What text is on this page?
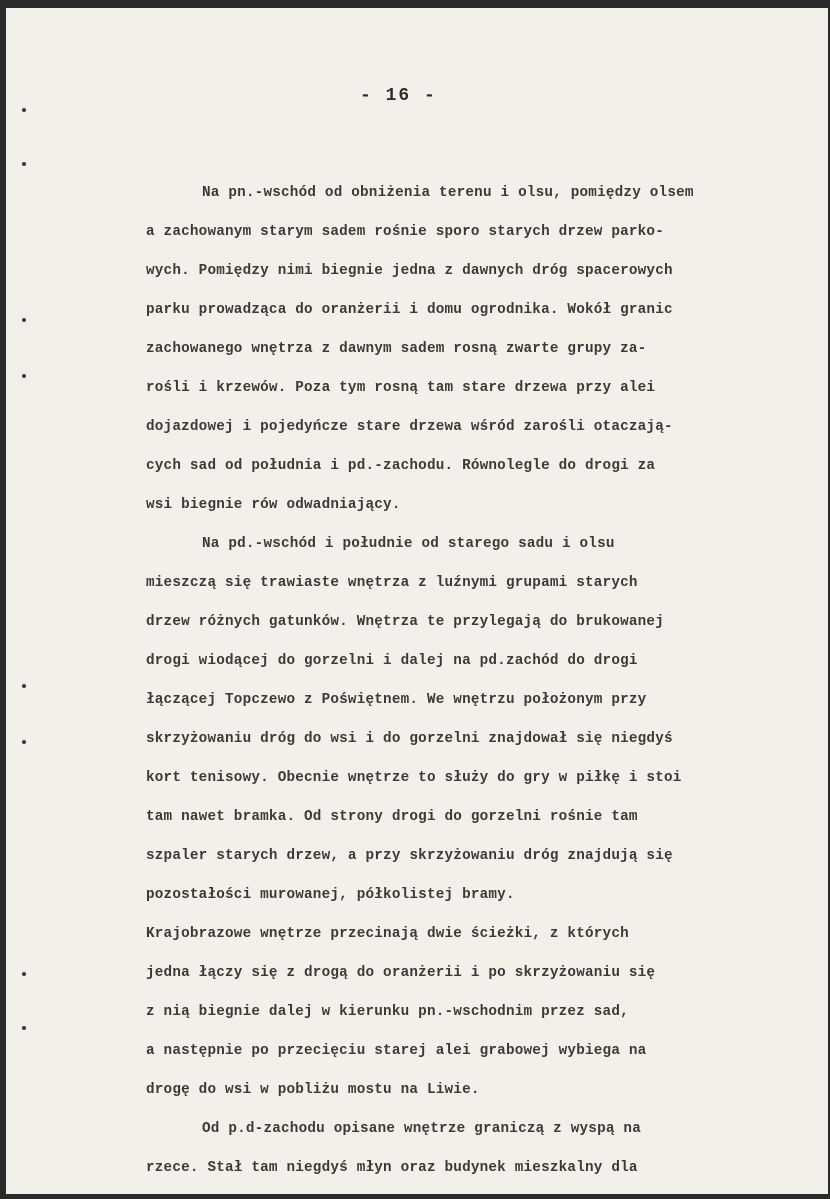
- 16 -
Na pn.-wschód od obniżenia terenu i olsu, pomiędzy olsem
a zachowanym starym sadem rośnie sporo starych drzew parko-
wych. Pomiędzy nimi biegnie jedna z dawnych dróg spacerowych
parku prowadząca do oranżerii i domu ogrodnika. Wokół granic
zachowanego wnętrza z dawnym sadem rosną zwarte grupy za-
rośli i krzewów. Poza tym rosną tam stare drzewa przy alei
dojazdowej i pojedyńcze stare drzewa wśród zarośli otaczają-
cych sad od południa i pd.-zachodu. Równolegle do drogi za
wsi biegnie rów odwadniający.
Na pd.-wschód i południe od starego sadu i olsu
mieszczą się trawiaste wnętrza z luźnymi grupami starych
drzew różnych gatunków. Wnętrza te przylegają do brukowanej
drogi wiodącej do gorzelni i dalej na pd.zachód do drogi
łączącej Topczewo z Poświętnem. We wnętrzu położonym przy
skrzyżowaniu dróg do wsi i do gorzelni znajdował się niegdyś
kort tenisowy. Obecnie wnętrze to służy do gry w piłkę i stoi
tam nawet bramka. Od strony drogi do gorzelni rośnie tam
szpaler starych drzew, a przy skrzyżowaniu dróg znajdują się
pozostałości murowanej, półkolistej bramy.
Krajobrazowe wnętrze przecinają dwie ścieżki, z których
jedna łączy się z drogą do oranżerii i po skrzyżowaniu się
z nią biegnie dalej w kierunku pn.-wschodnim przez sad,
a następnie po przecięciu starej alei grabowej wybiega na
drogę do wsi w pobliżu mostu na Liwie.
Od p.d-zachodu opisane wnętrze graniczą z wyspą na
rzece. Stał tam niegdyś młyn oraz budynek mieszkalny dla
